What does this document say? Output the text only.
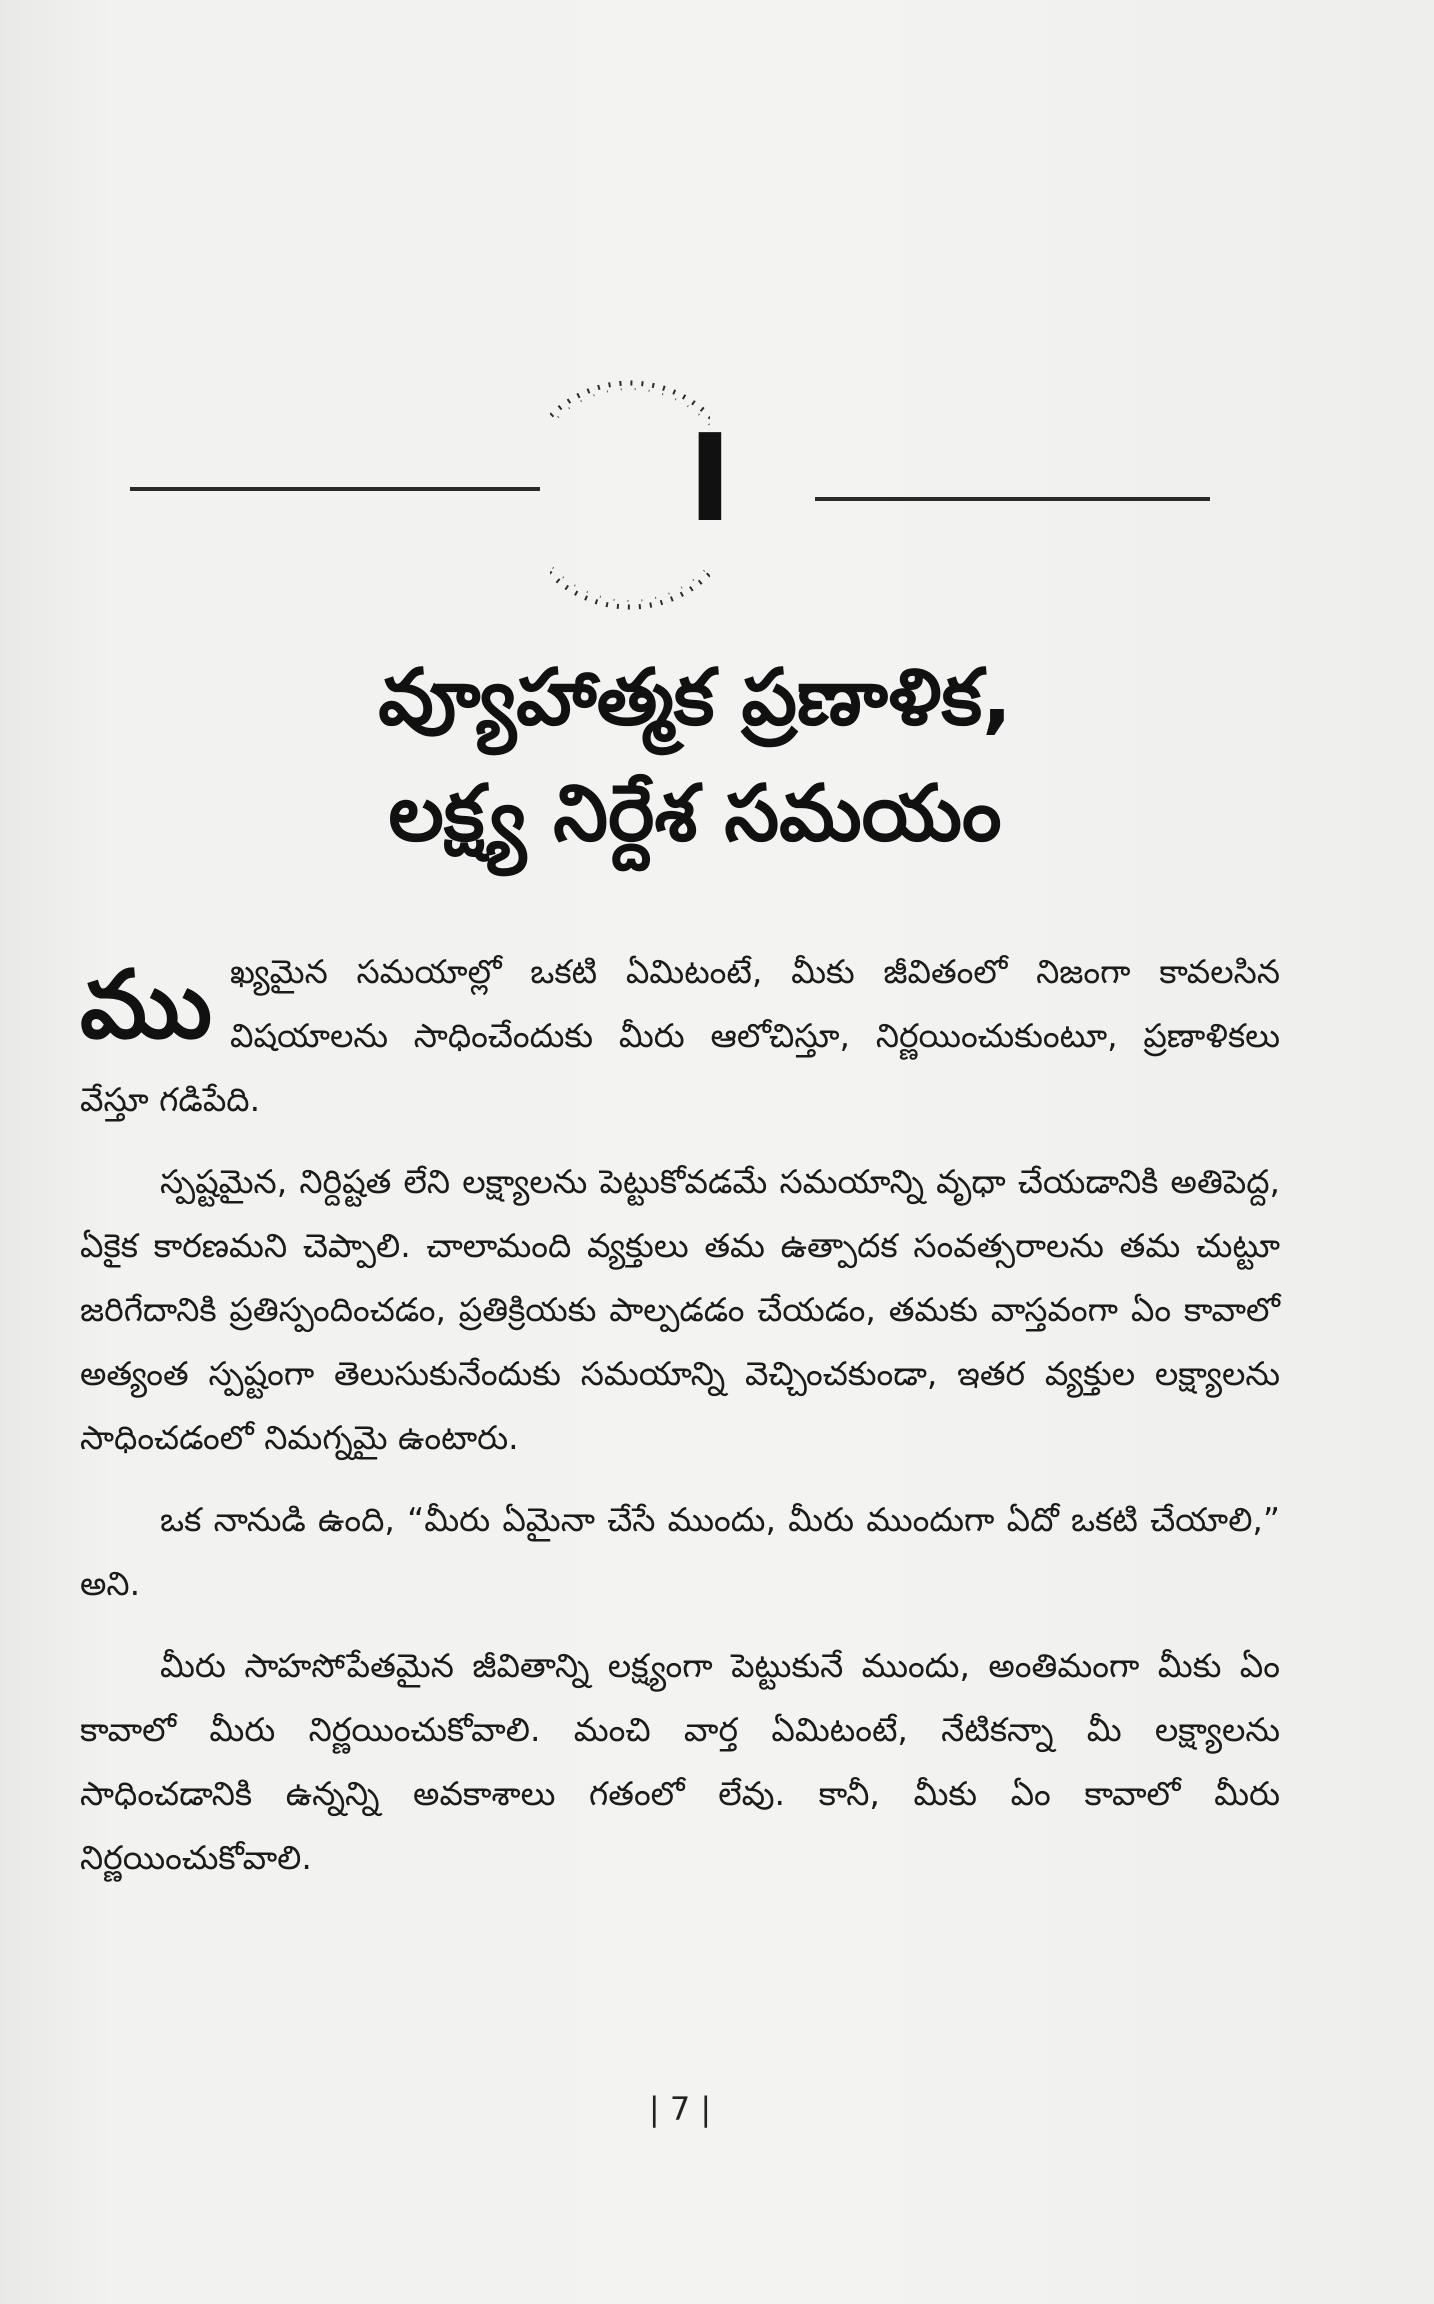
I
వ్యూహాత్మక ప్రణాళిక,
లక్ష్య నిర్దేశ సమయం

ము ఖ్యమైన సమయాల్లో ఒకటి ఏమిటంటే, మీకు జీవితంలో నిజంగా కావలసిన విషయాలను సాధించేందుకు మీరు ఆలోచిస్తూ, నిర్ణయించుకుంటూ, ప్రణాళికలు వేస్తూ గడిపేది.

స్పష్టమైన, నిర్దిష్టత లేని లక్ష్యాలను పెట్టుకోవడమే సమయాన్ని వృధా చేయడానికి అతిపెద్ద, ఏకైక కారణమని చెప్పాలి. చాలామంది వ్యక్తులు తమ ఉత్పాదక సంవత్సరాలను తమ చుట్టూ జరిగేదానికి ప్రతిస్పందించడం, ప్రతిక్రియకు పాల్పడడం చేయడం, తమకు వాస్తవంగా ఏం కావాలో అత్యంత స్పష్టంగా తెలుసుకునేందుకు సమయాన్ని వెచ్చించకుండా, ఇతర వ్యక్తుల లక్ష్యాలను సాధించడంలో నిమగ్నమై ఉంటారు.

ఒక నానుడి ఉంది, “మీరు ఏమైనా చేసే ముందు, మీరు ముందుగా ఏదో ఒకటి చేయాలి,” అని.

మీరు సాహసోపేతమైన జీవితాన్ని లక్ష్యంగా పెట్టుకునే ముందు, అంతిమంగా మీకు ఏం కావాలో మీరు నిర్ణయించుకోవాలి. మంచి వార్త ఏమిటంటే, నేటికన్నా మీ లక్ష్యాలను సాధించడానికి ఉన్నన్ని అవకాశాలు గతంలో లేవు. కానీ, మీకు ఏం కావాలో మీరు నిర్ణయించుకోవాలి.

| 7 |
